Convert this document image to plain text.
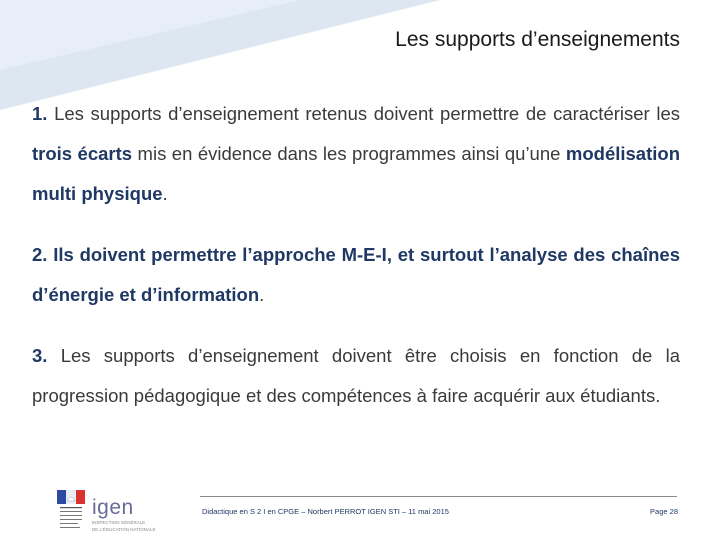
Les supports d’enseignements

1. Les supports d’enseignement retenus doivent permettre de caractériser les trois écarts mis en évidence dans les programmes ainsi qu’une modélisation multi physique.

2. Ils doivent permettre l’approche M-E-I, et surtout l’analyse des chaînes d’énergie et d’information.

3. Les supports d’enseignement doivent être choisis en fonction de la progression pédagogique et des compétences à faire acquérir aux étudiants.

igen
INSPECTION GÉNÉRALE
DE L'ÉDUCATION NATIONALE
Didactique en S 2 I en CPGE – Norbert PERROT IGEN STI – 11 mai 2015	Page 28
